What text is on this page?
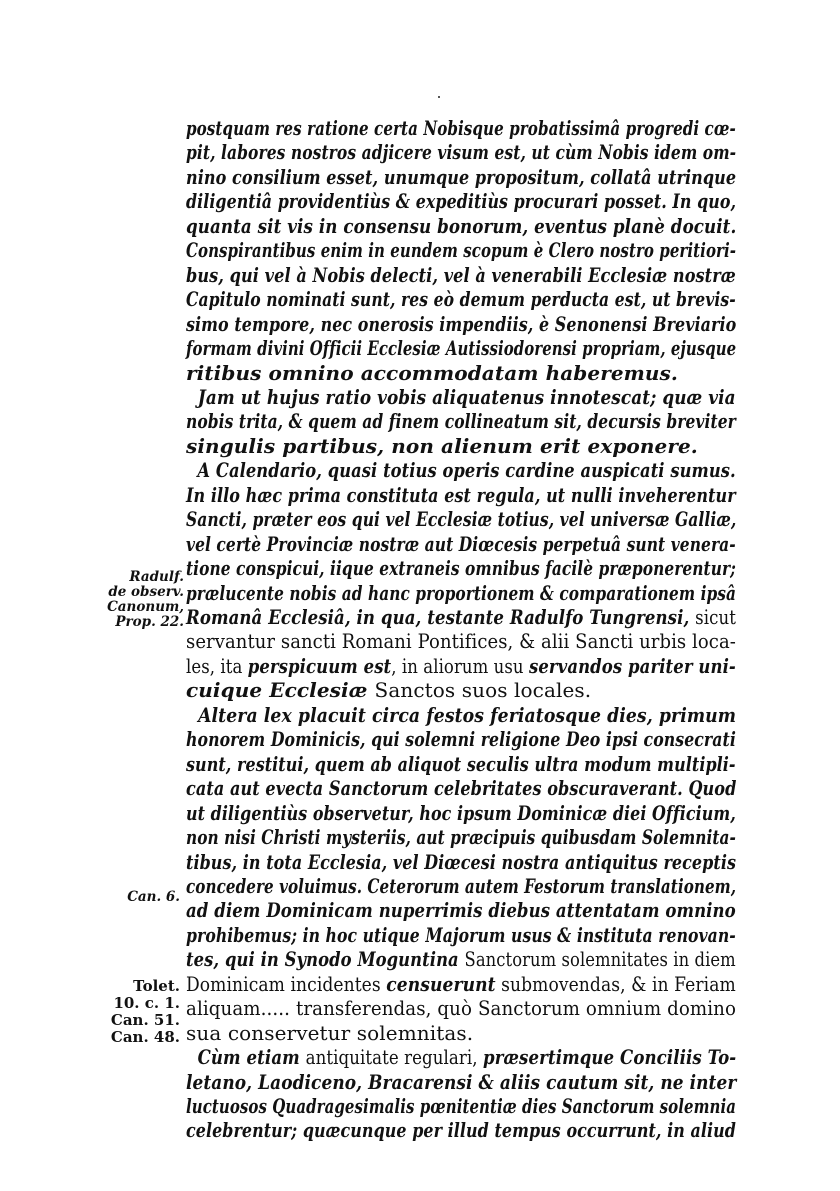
postquam res ratione certa Nobisque probatissimâ progredi cœ-
pit, labores nostros adjicere visum est, ut cùm Nobis idem om-
nino consilium esset, unumque propositum, collatâ utrinque
diligentiâ providentiùs & expeditiùs procurari posset. In quo,
quanta sit vis in consensu bonorum, eventus planè docuit.
Conspirantibus enim in eundem scopum è Clero nostro peritiori-
bus, qui vel à Nobis delecti, vel à venerabili Ecclesiæ nostræ
Capitulo nominati sunt, res eò demum perducta est, ut brevis-
simo tempore, nec onerosis impendiis, è Senonensi Breviario
formam divini Officii Ecclesiæ Autissiodorensi propriam, ejusque
ritibus omnino accommodatam haberemus.
Jam ut hujus ratio vobis aliquatenus innotescat; quæ via
nobis trita, & quem ad finem collineatum sit, decursis breviter
singulis partibus, non alienum erit exponere.
A Calendario, quasi totius operis cardine auspicati sumus.
In illo hæc prima constituta est regula, ut nulli inveherentur
Sancti, præter eos qui vel Ecclesiæ totius, vel universæ Galliæ,
vel certè Provinciæ nostræ aut Diœcesis perpetuâ sunt venera-
tione conspicui, iique extraneis omnibus facilè præponerentur;
prælucente nobis ad hanc proportionem & comparationem ipsâ
Romanâ Ecclesiâ, in qua, testante Radulfo Tungrensi, sicut
servantur sancti Romani Pontifices, & alii Sancti urbis loca-
les, ita perspicuum est, in aliorum usu servandos pariter uni-
cuique Ecclesiæ Sanctos suos locales.
Altera lex placuit circa festos feriatosque dies, primum
honorem Dominicis, qui solemni religione Deo ipsi consecrati
sunt, restitui, quem ab aliquot seculis ultra modum multipli-
cata aut evecta Sanctorum celebritates obscuraverant. Quod
ut diligentiùs observetur, hoc ipsum Dominicæ diei Officium,
non nisi Christi mysteriis, aut præcipuis quibusdam Solemnita-
tibus, in tota Ecclesia, vel Diœcesi nostra antiquitus receptis
concedere voluimus. Ceterorum autem Festorum translationem,
ad diem Dominicam nuperrimis diebus attentatam omnino
prohibemus; in hoc utique Majorum usus & instituta renovan-
tes, qui in Synodo Moguntina Sanctorum solemnitates in diem
Dominicam incidentes censuerunt submovendas, & in Feriam
aliquam..... transferendas, quò Sanctorum omnium domino
sua conservetur solemnitas.
Cùm etiam antiquitate regulari, præsertimque Conciliis To-
letano, Laodiceno, Bracarensi & aliis cautum sit, ne inter
luctuosos Quadragesimalis pœnitentiæ dies Sanctorum solemnia
celebrentur; quæcunque per illud tempus occurrunt, in aliud
Radulf.
de observ.
Canonum,
Prop. 22.
Can. 6.
Tolet.
10. c. 1.
Can. 51.
Can. 48.
